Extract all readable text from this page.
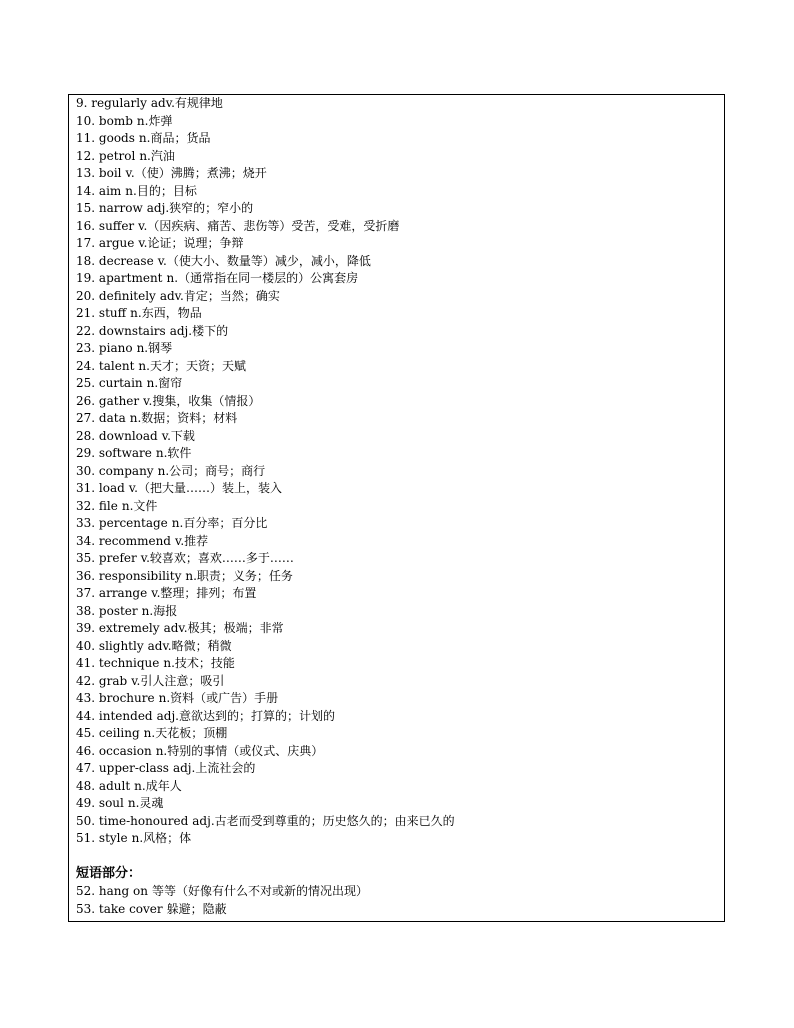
9. regularly adv.有规律地
10. bomb n.炸弹
11. goods n.商品；货品
12. petrol n.汽油
13. boil v.（使）沸腾；煮沸；烧开
14. aim n.目的；目标
15. narrow adj.狭窄的；窄小的
16. suffer v.（因疾病、痛苦、悲伤等）受苦，受难，受折磨
17. argue v.论证；说理；争辩
18. decrease v.（使大小、数量等）减少，减小，降低
19. apartment n.（通常指在同一楼层的）公寓套房
20. definitely adv.肯定；当然；确实
21. stuff n.东西，物品
22. downstairs adj.楼下的
23. piano n.钢琴
24. talent n.天才；天资；天赋
25. curtain n.窗帘
26. gather v.搜集，收集（情报）
27. data n.数据；资料；材料
28. download v.下载
29. software n.软件
30. company n.公司；商号；商行
31. load v.（把大量……）装上，装入
32. file n.文件
33. percentage n.百分率；百分比
34. recommend v.推荐
35. prefer v.较喜欢；喜欢……多于……
36. responsibility n.职责；义务；任务
37. arrange v.整理；排列；布置
38. poster n.海报
39. extremely adv.极其；极端；非常
40. slightly adv.略微；稍微
41. technique n.技术；技能
42. grab v.引人注意；吸引
43. brochure n.资料（或广告）手册
44. intended adj.意欲达到的；打算的；计划的
45. ceiling n.天花板；顶棚
46. occasion n.特别的事情（或仪式、庆典）
47. upper-class adj.上流社会的
48. adult n.成年人
49. soul n.灵魂
50. time-honoured adj.古老而受到尊重的；历史悠久的；由来已久的
51. style n.风格；体
短语部分：
52. hang on 等等（好像有什么不对或新的情况出现）
53. take cover 躲避；隐蔽
